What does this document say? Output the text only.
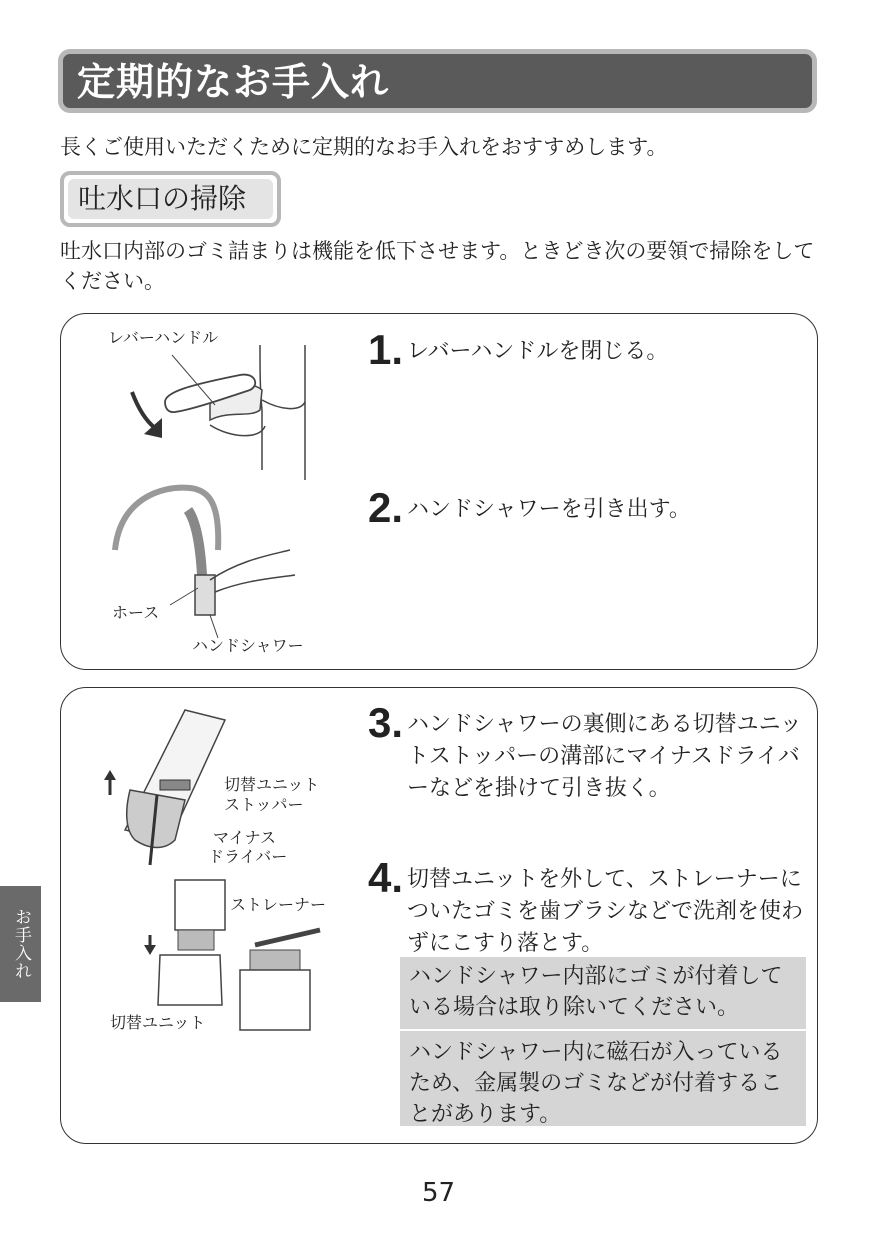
定期的なお手入れ
長くご使用いただくために定期的なお手入れをおすすめします。
吐水口の掃除
吐水口内部のゴミ詰まりは機能を低下させます。ときどき次の要領で掃除をしてください。
レバーハンドル
ホース
ハンドシャワー
1. レバーハンドルを閉じる。
2. ハンドシャワーを引き出す。
切替ユニット
ストッパー
マイナス
ドライバー
ストレーナー
切替ユニット
3. ハンドシャワーの裏側にある切替ユニットストッパーの溝部にマイナスドライバーなどを掛けて引き抜く。
4. 切替ユニットを外して、ストレーナーについたゴミを歯ブラシなどで洗剤を使わずにこすり落とす。

ハンドシャワー内部にゴミが付着している場合は取り除いてください。

ハンドシャワー内に磁石が入っているため、金属製のゴミなどが付着することがあります。

お手入れ
57
